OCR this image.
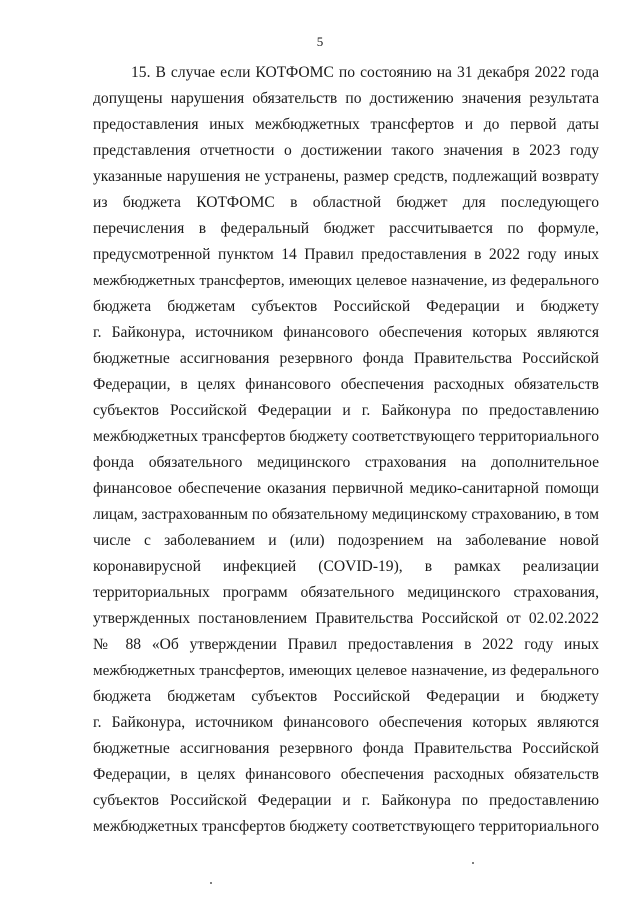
5
15. В случае если КОТФОМС по состоянию на 31 декабря 2022 года
допущены нарушения обязательств по достижению значения результата
предоставления иных межбюджетных трансфертов и до первой даты
представления отчетности о достижении такого значения в 2023 году
указанные нарушения не устранены, размер средств, подлежащий возврату
из бюджета КОТФОМС в областной бюджет для последующего
перечисления в федеральный бюджет рассчитывается по формуле,
предусмотренной пунктом 14 Правил предоставления в 2022 году иных
межбюджетных трансфертов, имеющих целевое назначение, из федерального
бюджета бюджетам субъектов Российской Федерации и бюджету
г. Байконура, источником финансового обеспечения которых являются
бюджетные ассигнования резервного фонда Правительства Российской
Федерации, в целях финансового обеспечения расходных обязательств
субъектов Российской Федерации и г. Байконура по предоставлению
межбюджетных трансфертов бюджету соответствующего территориального
фонда обязательного медицинского страхования на дополнительное
финансовое обеспечение оказания первичной медико-санитарной помощи
лицам, застрахованным по обязательному медицинскому страхованию, в том
числе с заболеванием и (или) подозрением на заболевание новой
коронавирусной инфекцией (COVID-19), в рамках реализации
территориальных программ обязательного медицинского страхования,
утвержденных постановлением Правительства Российской от 02.02.2022
№ 88 «Об утверждении Правил предоставления в 2022 году иных
межбюджетных трансфертов, имеющих целевое назначение, из федерального
бюджета бюджетам субъектов Российской Федерации и бюджету
г. Байконура, источником финансового обеспечения которых являются
бюджетные ассигнования резервного фонда Правительства Российской
Федерации, в целях финансового обеспечения расходных обязательств
субъектов Российской Федерации и г. Байконура по предоставлению
межбюджетных трансфертов бюджету соответствующего территориального
